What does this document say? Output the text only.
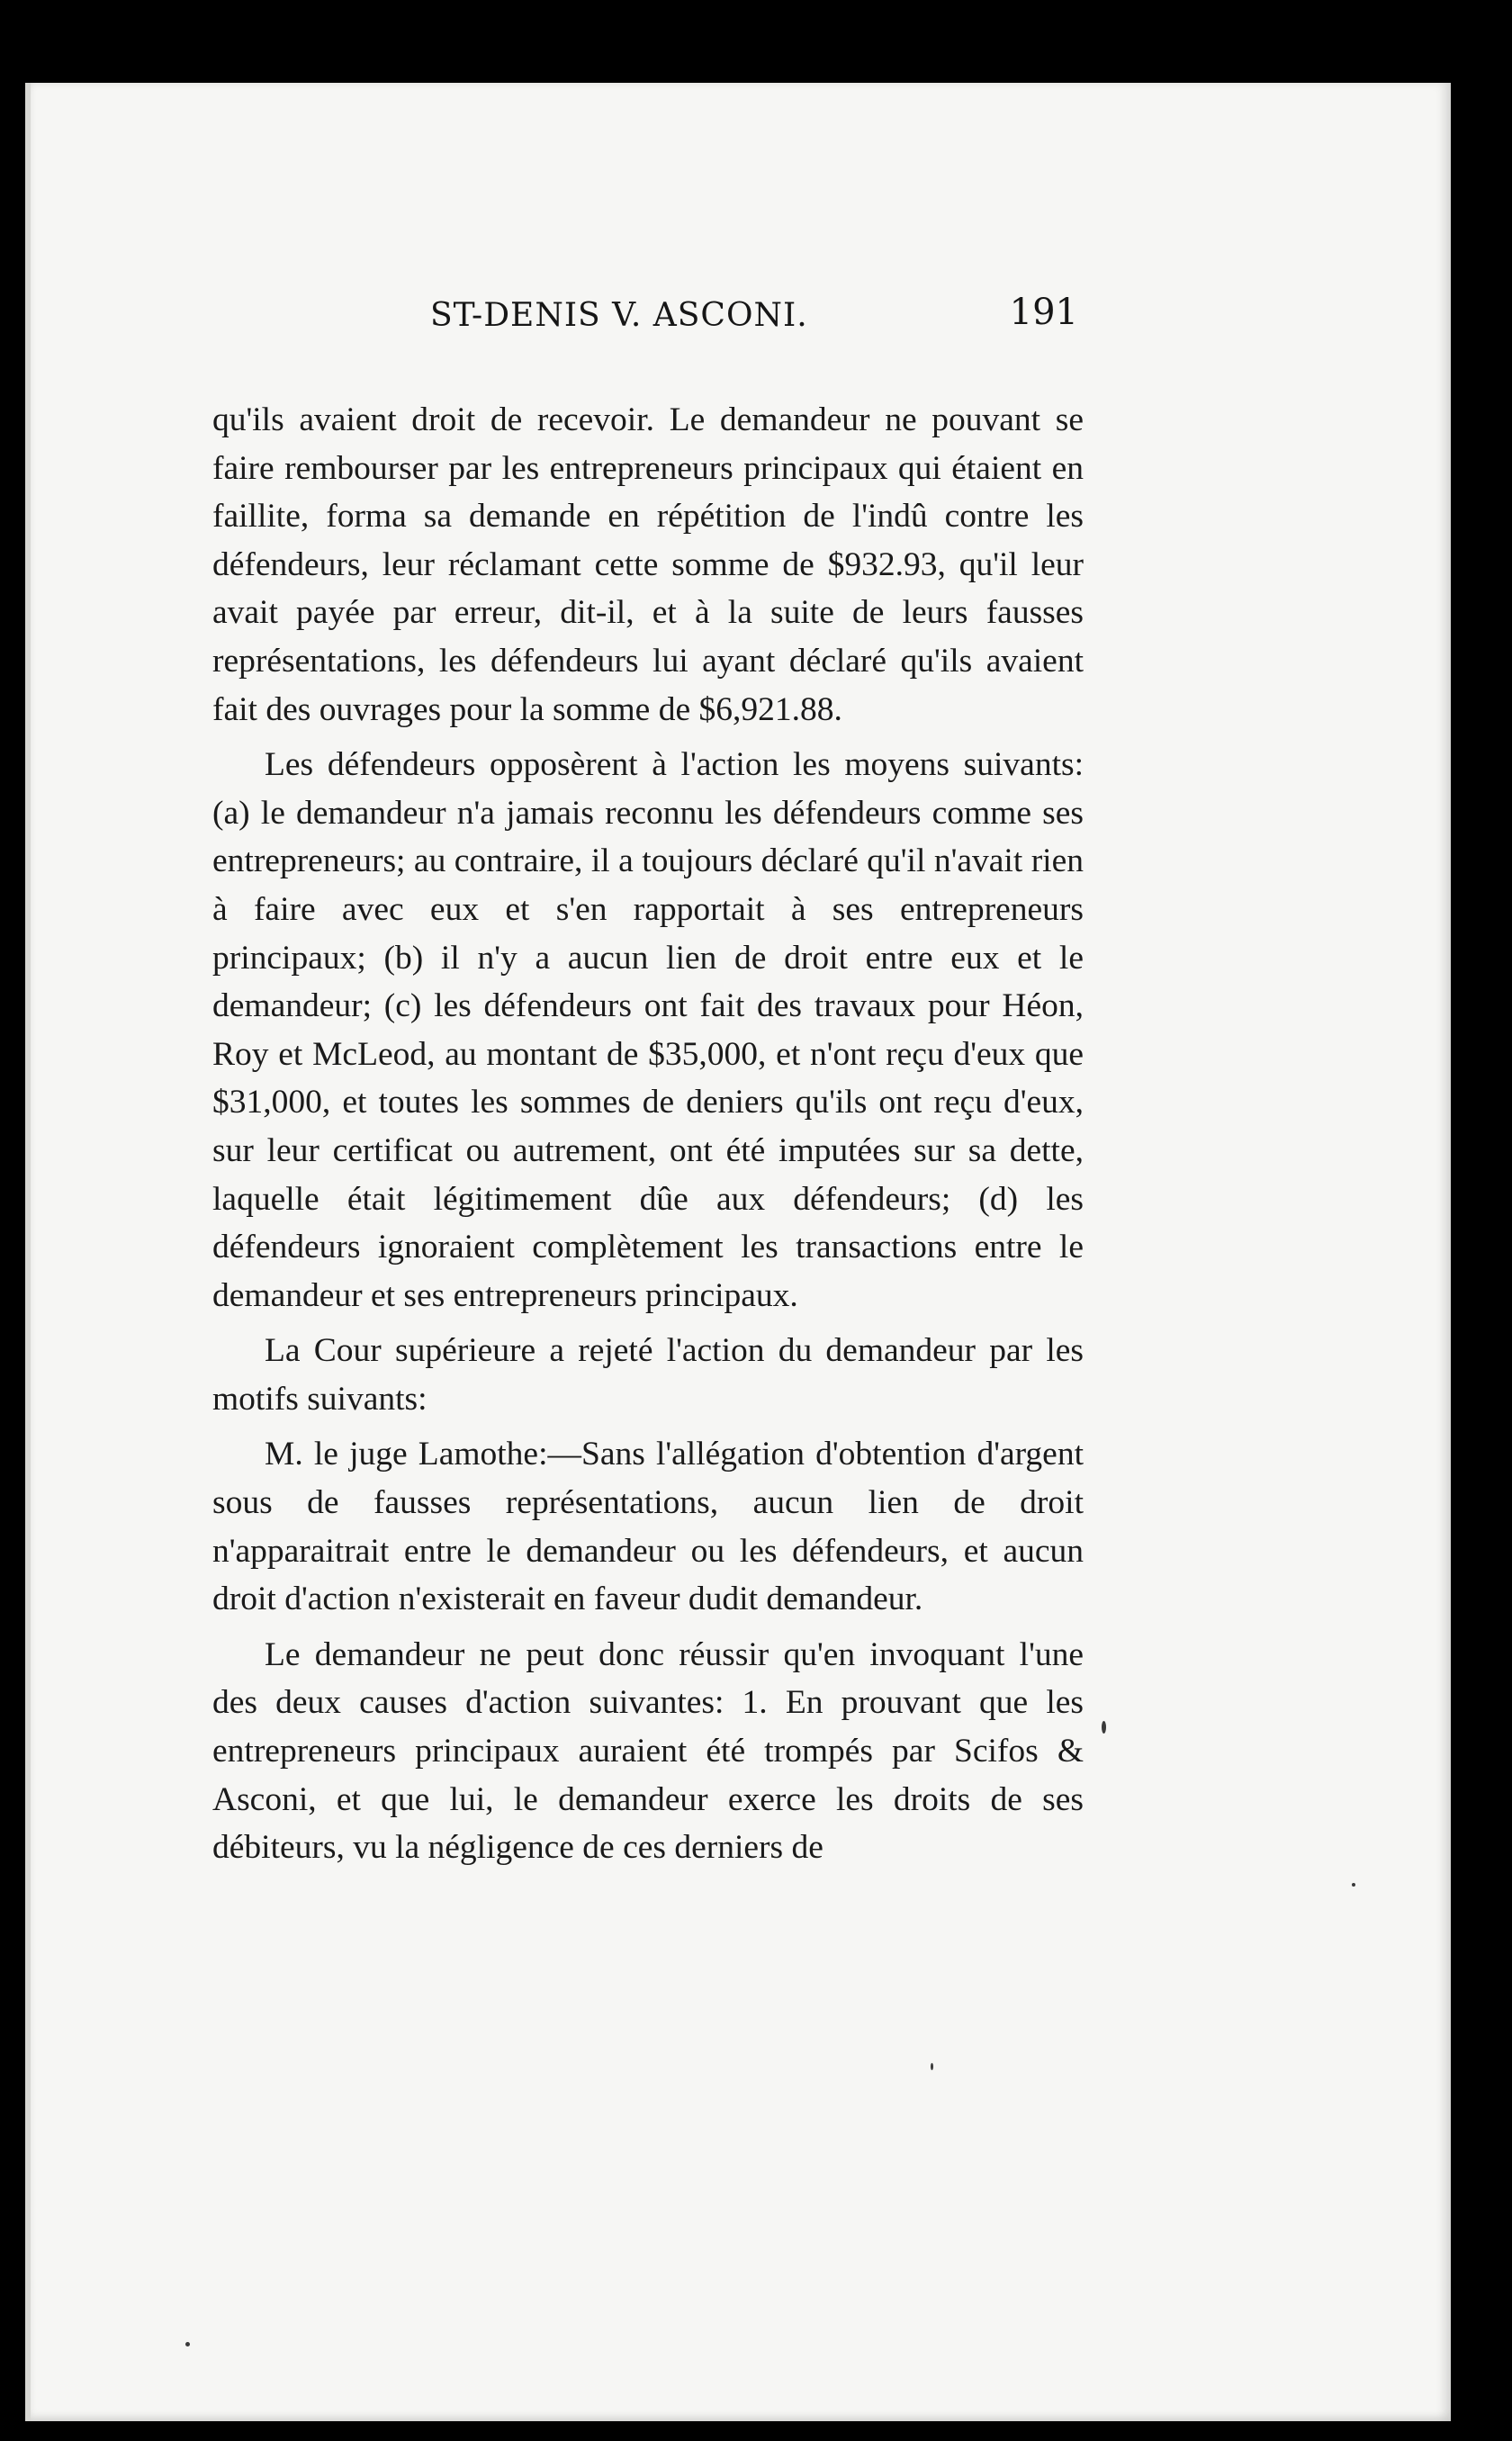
ST-DENIS V. ASCONI.	191

qu'ils avaient droit de recevoir. Le demandeur ne pouvant se faire rembourser par les entrepreneurs principaux qui étaient en faillite, forma sa demande en répétition de l'indû contre les défendeurs, leur réclamant cette somme de $932.93, qu'il leur avait payée par erreur, dit-il, et à la suite de leurs fausses représentations, les défendeurs lui ayant déclaré qu'ils avaient fait des ouvrages pour la somme de $6,921.88.

Les défendeurs opposèrent à l'action les moyens suivants: (a) le demandeur n'a jamais reconnu les défendeurs comme ses entrepreneurs; au contraire, il a toujours déclaré qu'il n'avait rien à faire avec eux et s'en rapportait à ses entrepreneurs principaux; (b) il n'y a aucun lien de droit entre eux et le demandeur; (c) les défendeurs ont fait des travaux pour Héon, Roy et McLeod, au montant de $35,000, et n'ont reçu d'eux que $31,000, et toutes les sommes de deniers qu'ils ont reçu d'eux, sur leur certificat ou autrement, ont été imputées sur sa dette, laquelle était légitimement dûe aux défendeurs; (d) les défendeurs ignoraient complètement les transactions entre le demandeur et ses entrepreneurs principaux.

La Cour supérieure a rejeté l'action du demandeur par les motifs suivants:

M. le juge Lamothe:—Sans l'allégation d'obtention d'argent sous de fausses représentations, aucun lien de droit n'apparaitrait entre le demandeur ou les défendeurs, et aucun droit d'action n'existerait en faveur dudit demandeur.

Le demandeur ne peut donc réussir qu'en invoquant l'une des deux causes d'action suivantes: 1. En prouvant que les entrepreneurs principaux auraient été trompés par Scifos & Asconi, et que lui, le demandeur exerce les droits de ses débiteurs, vu la négligence de ces derniers de
